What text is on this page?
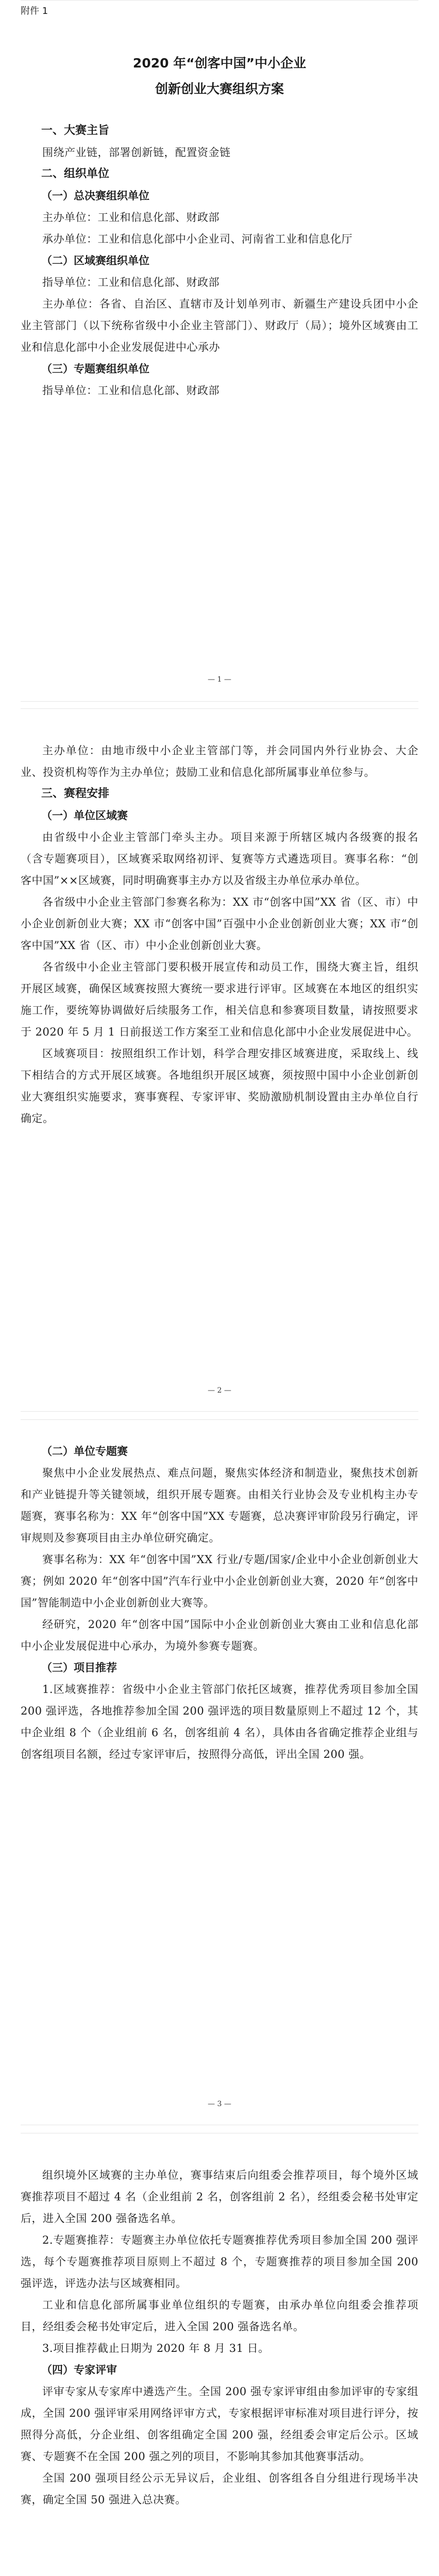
附件 1
2020 年“创客中国”中小企业
创新创业大赛组织方案
一、大赛主旨
围绕产业链，部署创新链，配置资金链
二、组织单位
（一）总决赛组织单位
主办单位：工业和信息化部、财政部
承办单位：工业和信息化部中小企业司、河南省工业和信息化厅
（二）区域赛组织单位
指导单位：工业和信息化部、财政部
主办单位：各省、自治区、直辖市及计划单列市、新疆生产建设兵团中小企业主管部门（以下统称省级中小企业主管部门）、财政厅（局）；境外区域赛由工业和信息化部中小企业发展促进中心承办
（三）专题赛组织单位
指导单位：工业和信息化部、财政部
— 1 —
主办单位：由地市级中小企业主管部门等，并会同国内外行业协会、大企业、投资机构等作为主办单位；鼓励工业和信息化部所属事业单位参与。
三、赛程安排
（一）单位区域赛
由省级中小企业主管部门牵头主办。项目来源于所辖区城内各级赛的报名（含专题赛项目），区域赛采取网络初评、复赛等方式遴选项目。赛事名称：“创客中国”××区域赛，同时明确赛事主办方以及省级主办单位承办单位。
各省级中小企业主管部门参赛名称为：XX 市“创客中国”XX 省（区、市）中小企业创新创业大赛；XX 市“创客中国”百强中小企业创新创业大赛；XX 市“创客中国”XX 省（区、市）中小企业创新创业大赛。
各省级中小企业主管部门要积极开展宣传和动员工作，围绕大赛主旨，组织开展区域赛，确保区域赛按照大赛统一要求进行评审。区域赛在本地区的组织实施工作，要统筹协调做好后续服务工作，相关信息和参赛项目数量，请按照要求于 2020 年 5 月 1 日前报送工作方案至工业和信息化部中小企业发展促进中心。
区域赛项目：按照组织工作计划，科学合理安排区域赛进度，采取线上、线下相结合的方式开展区域赛。各地组织开展区域赛，须按照中国中小企业创新创业大赛组织实施要求，赛事赛程、专家评审、奖励激励机制设置由主办单位自行确定。
— 2 —
（二）单位专题赛
聚焦中小企业发展热点、难点问题，聚焦实体经济和制造业，聚焦技术创新和产业链提升等关键领域，组织开展专题赛。由相关行业协会及专业机构主办专题赛，赛事名称为：XX 年“创客中国”XX 专题赛，总决赛评审阶段另行确定，评审规则及参赛项目由主办单位研究确定。
赛事名称为：XX 年“创客中国”XX 行业/专题/国家/企业中小企业创新创业大赛；例如 2020 年“创客中国”汽车行业中小企业创新创业大赛，2020 年“创客中国”智能制造中小企业创新创业大赛等。
经研究，2020 年“创客中国”国际中小企业创新创业大赛由工业和信息化部中小企业发展促进中心承办，为境外参赛专题赛。
（三）项目推荐
1.区域赛推荐：省级中小企业主管部门依托区域赛，推荐优秀项目参加全国 200 强评选，各地推荐参加全国 200 强评选的项目数量原则上不超过 12 个，其中企业组 8 个（企业组前 6 名，创客组前 4 名），具体由各省确定推荐企业组与创客组项目名额，经过专家评审后，按照得分高低，评出全国 200 强。
— 3 —
组织境外区域赛的主办单位，赛事结束后向组委会推荐项目，每个境外区域赛推荐项目不超过 4 名（企业组前 2 名，创客组前 2 名），经组委会秘书处审定后，进入全国 200 强备选名单。
2.专题赛推荐：专题赛主办单位依托专题赛推荐优秀项目参加全国 200 强评选，每个专题赛推荐项目原则上不超过 8 个，专题赛推荐的项目参加全国 200 强评选，评选办法与区域赛相同。
工业和信息化部所属事业单位组织的专题赛，由承办单位向组委会推荐项目，经组委会秘书处审定后，进入全国 200 强备选名单。
3.项目推荐截止日期为 2020 年 8 月 31 日。
（四）专家评审
评审专家从专家库中遴选产生。全国 200 强专家评审组由参加评审的专家组成，全国 200 强评审采用网络评审方式，专家根据评审标准对项目进行评分，按照得分高低，分企业组、创客组确定全国 200 强，经组委会审定后公示。区域赛、专题赛不在全国 200 强之列的项目，不影响其参加其他赛事活动。
全国 200 强项目经公示无异议后，企业组、创客组各自分组进行现场半决赛，确定全国 50 强进入总决赛。
